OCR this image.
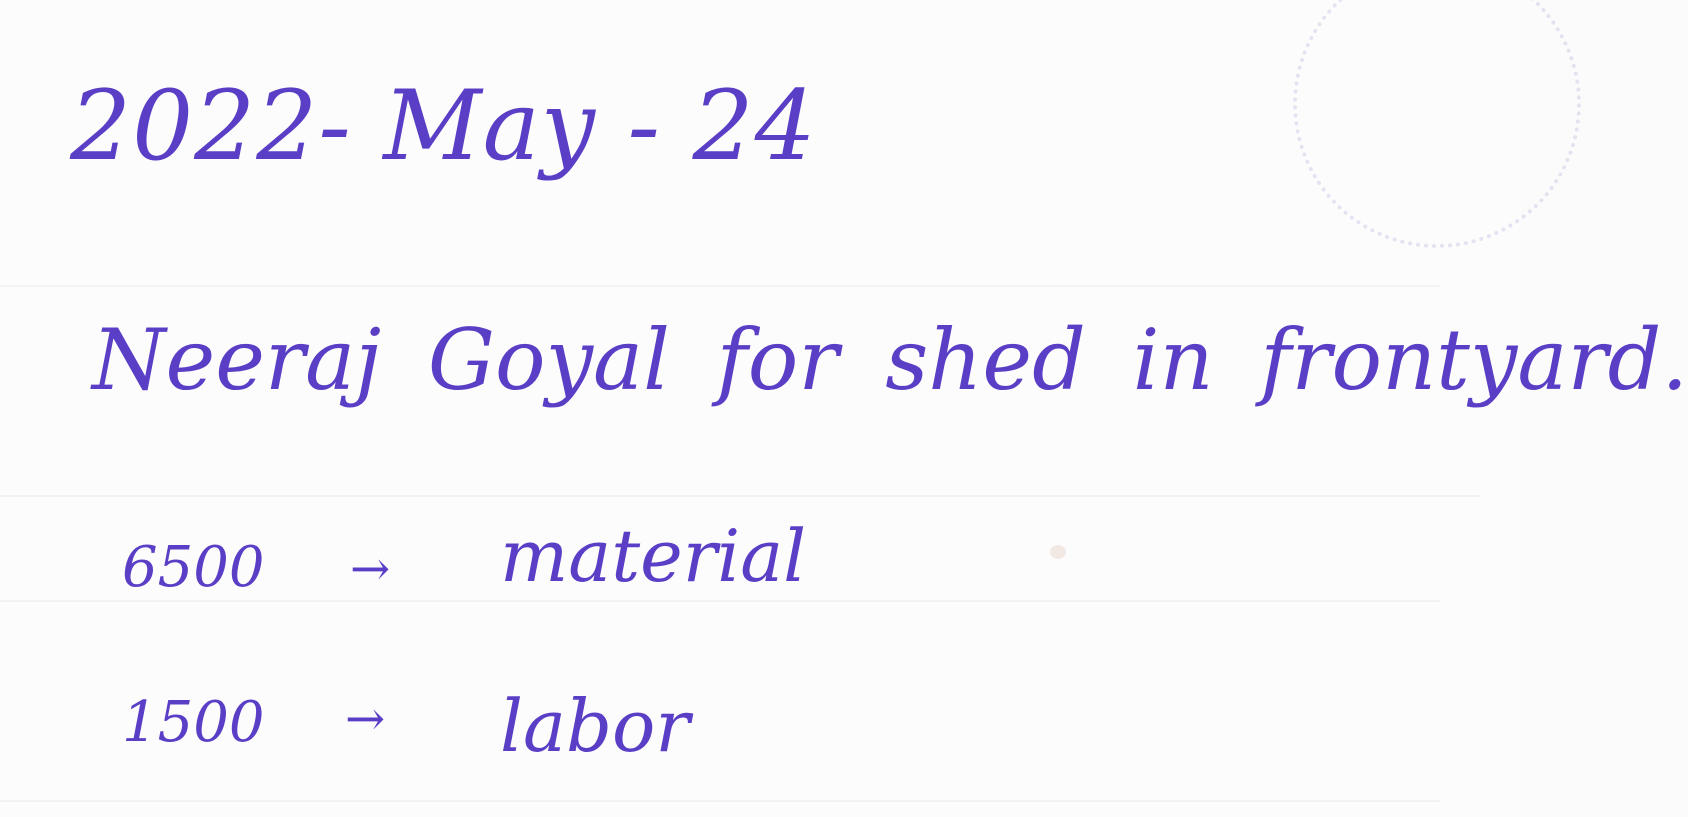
2022- May - 24
Neeraj Goyal for shed in frontyard.
6500 → material
1500 → labor
